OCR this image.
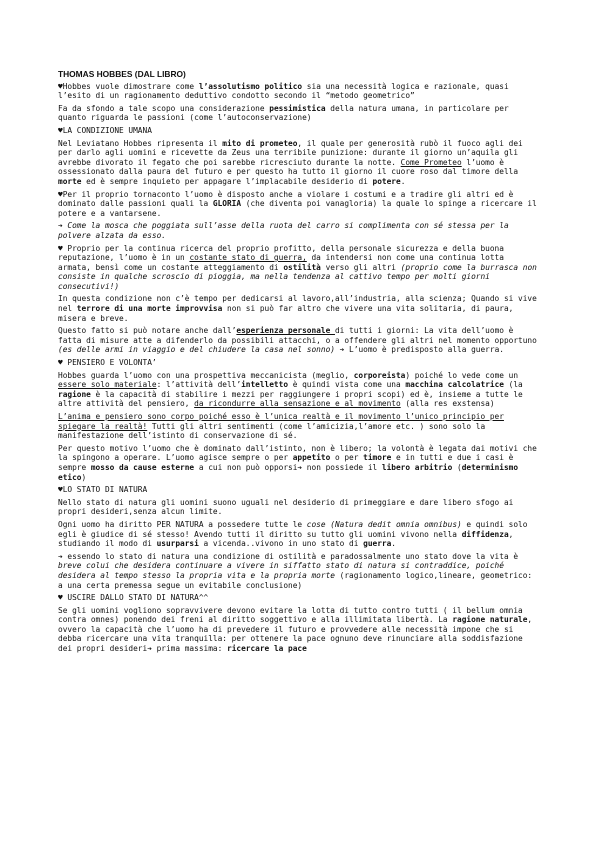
THOMAS HOBBES (DAL LIBRO)

♥Hobbes vuole dimostrare come l’assolutismo politico sia una necessità logica e razionale, quasi l’esito di un ragionamento deduttivo condotto secondo il “metodo geometrico”

Fa da sfondo a tale scopo una considerazione pessimistica della natura umana, in particolare per quanto riguarda le passioni (come l’autoconservazione)

♥LA CONDIZIONE UMANA

Nel Leviatano Hobbes ripresenta il mito di prometeo, il quale per generosità rubò il fuoco agli dei per darlo agli uomini e ricevette da Zeus una terribile punizione: durante il giorno un’aquila gli avrebbe divorato il fegato che poi sarebbe ricresciuto durante la notte. Come Prometeo l’uomo è ossessionato dalla paura del futuro e per questo ha tutto il giorno il cuore roso dal timore della morte ed è sempre inquieto per appagare l’implacabile desiderio di potere.

♥Per il proprio tornaconto l’uomo è disposto anche a violare i costumi e a tradire gli altri ed è dominato dalle passioni quali la GLORIA (che diventa poi vanagloria) la quale lo spinge a ricercare il potere e a vantarsene.

➔ Come la mosca che poggiata sull’asse della ruota del carro si complimenta con sé stessa per la polvere alzata da esso.

♥ Proprio per la continua ricerca del proprio profitto, della personale sicurezza e della buona reputazione, l’uomo è in un costante stato di guerra, da intendersi non come una continua lotta armata, bensì come un costante atteggiamento di ostilità verso gli altri (proprio come la burrasca non consiste in qualche scroscio di pioggia, ma nella tendenza al cattivo tempo per molti giorni consecutivi!)

In questa condizione non c’è tempo per dedicarsi al lavoro,all’industria, alla scienza; Quando si vive nel terrore di una morte improvvisa non si può far altro che vivere una vita solitaria, di paura, misera e breve.

Questo fatto si può notare anche dall’esperienza personale di tutti i giorni: La vita dell’uomo è fatta di misure atte a difenderlo da possibili attacchi, o a offendere gli altri nel momento opportuno (es delle armi in viaggio e del chiudere la casa nel sonno) ➔ L’uomo è predisposto alla guerra.

♥ PENSIERO E VOLONTA’

Hobbes guarda l’uomo con una prospettiva meccanicista (meglio, corporeista) poiché lo vede come un essere solo materiale: l’attività dell’intelletto è quindi vista come una macchina calcolatrice (la ragione è la capacità di stabilire i mezzi per raggiungere i propri scopi) ed è, insieme a tutte le altre attività del pensiero, da ricondurre alla sensazione e al movimento (alla res exstensa)

L’anima e pensiero sono corpo poiché esso è l’unica realtà e il movimento l’unico principio per spiegare la realtà! Tutti gli altri sentimenti (come l’amicizia,l’amore etc. ) sono solo la manifestazione dell’istinto di conservazione di sé.

Per questo motivo l’uomo che è dominato dall’istinto, non è libero; la volontà è legata dai motivi che la spingono a operare. L’uomo agisce sempre o per appetito o per timore e in tutti e due i casi è sempre mosso da cause esterne a cui non può opporsi➔ non possiede il libero arbitrio (determinismo etico)

♥LO STATO DI NATURA

Nello stato di natura gli uomini suono uguali nel desiderio di primeggiare e dare libero sfogo ai propri desideri,senza alcun limite.

Ogni uomo ha diritto PER NATURA a possedere tutte le cose (Natura dedit omnia omnibus) e quindi solo egli è giudice di sé stesso! Avendo tutti il diritto su tutto gli uomini vivono nella diffidenza, studiando il modo di usurparsi a vicenda..vivono in uno stato di guerra.

➔ essendo lo stato di natura una condizione di ostilità e paradossalmente uno stato dove la vita è breve colui che desidera continuare a vivere in siffatto stato di natura si contraddice, poiché desidera al tempo stesso la propria vita e la propria morte (ragionamento logico,lineare, geometrico: a una certa premessa segue un evitabile conclusione)

♥ USCIRE DALLO STATO DI NATURA^^

Se gli uomini vogliono sopravvivere devono evitare la lotta di tutto contro tutti ( il bellum omnia contra omnes) ponendo dei freni al diritto soggettivo e alla illimitata libertà. La ragione naturale, ovvero la capacità che l’uomo ha di prevedere il futuro e provvedere alle necessità impone che si debba ricercare una vita tranquilla: per ottenere la pace ognuno deve rinunciare alla soddisfazione dei propri desideri➔ prima massima: ricercare la pace
